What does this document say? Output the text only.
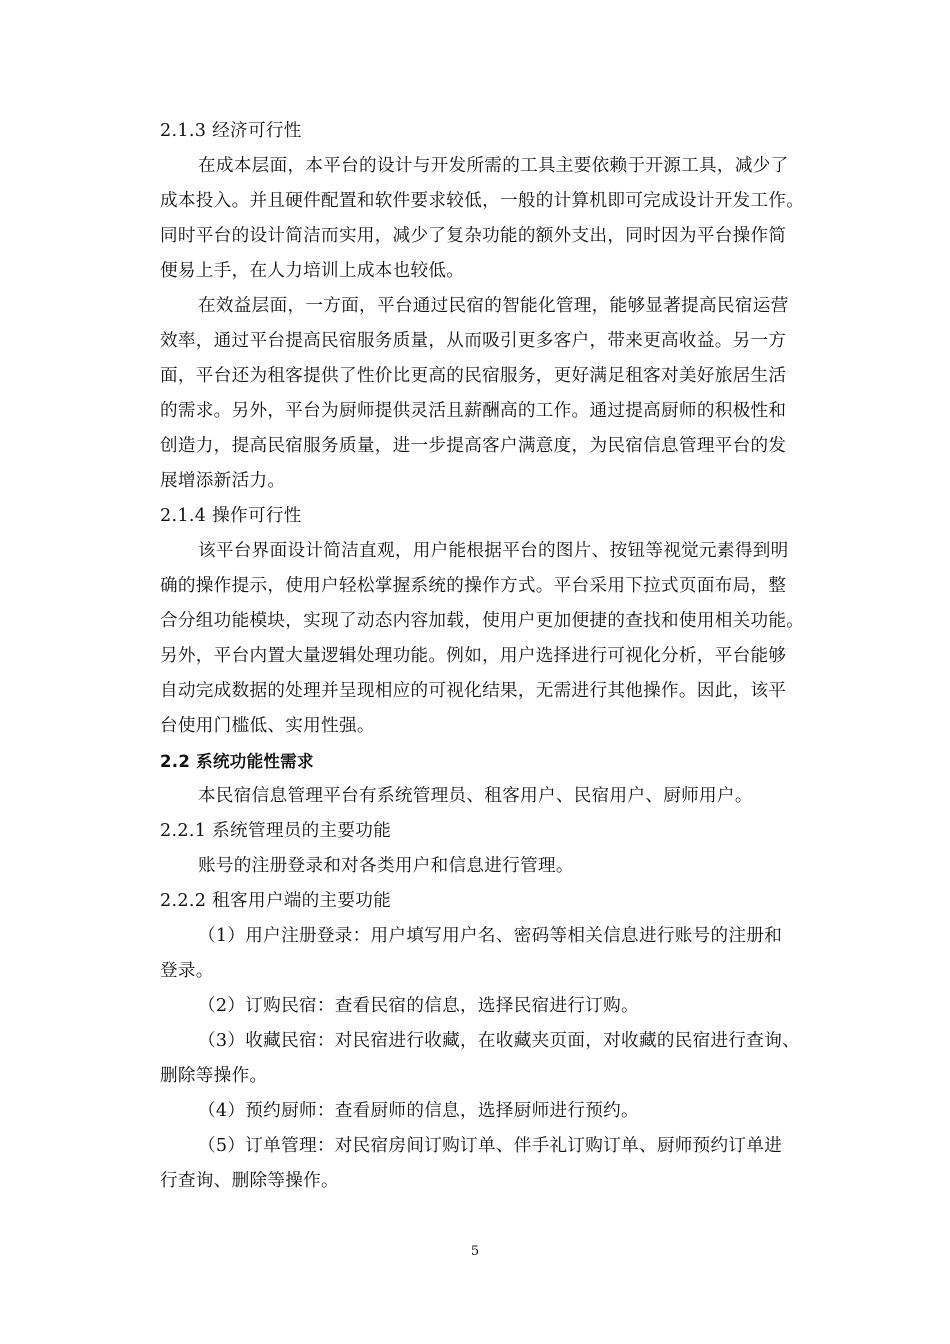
2.1.3 经济可行性
在成本层面，本平台的设计与开发所需的工具主要依赖于开源工具，减少了
成本投入。并且硬件配置和软件要求较低，一般的计算机即可完成设计开发工作。
同时平台的设计简洁而实用，减少了复杂功能的额外支出，同时因为平台操作简
便易上手，在人力培训上成本也较低。
在效益层面，一方面，平台通过民宿的智能化管理，能够显著提高民宿运营
效率，通过平台提高民宿服务质量，从而吸引更多客户，带来更高收益。另一方
面，平台还为租客提供了性价比更高的民宿服务，更好满足租客对美好旅居生活
的需求。另外，平台为厨师提供灵活且薪酬高的工作。通过提高厨师的积极性和
创造力，提高民宿服务质量，进一步提高客户满意度，为民宿信息管理平台的发
展增添新活力。
2.1.4 操作可行性
该平台界面设计简洁直观，用户能根据平台的图片、按钮等视觉元素得到明
确的操作提示，使用户轻松掌握系统的操作方式。平台采用下拉式页面布局，整
合分组功能模块，实现了动态内容加载，使用户更加便捷的查找和使用相关功能。
另外，平台内置大量逻辑处理功能。例如，用户选择进行可视化分析，平台能够
自动完成数据的处理并呈现相应的可视化结果，无需进行其他操作。因此，该平
台使用门槛低、实用性强。
2.2 系统功能性需求
本民宿信息管理平台有系统管理员、租客用户、民宿用户、厨师用户。
2.2.1 系统管理员的主要功能
账号的注册登录和对各类用户和信息进行管理。
2.2.2 租客用户端的主要功能
（1）用户注册登录：用户填写用户名、密码等相关信息进行账号的注册和
登录。
（2）订购民宿：查看民宿的信息，选择民宿进行订购。
（3）收藏民宿：对民宿进行收藏，在收藏夹页面，对收藏的民宿进行查询、
删除等操作。
（4）预约厨师：查看厨师的信息，选择厨师进行预约。
（5）订单管理：对民宿房间订购订单、伴手礼订购订单、厨师预约订单进
行查询、删除等操作。
5
